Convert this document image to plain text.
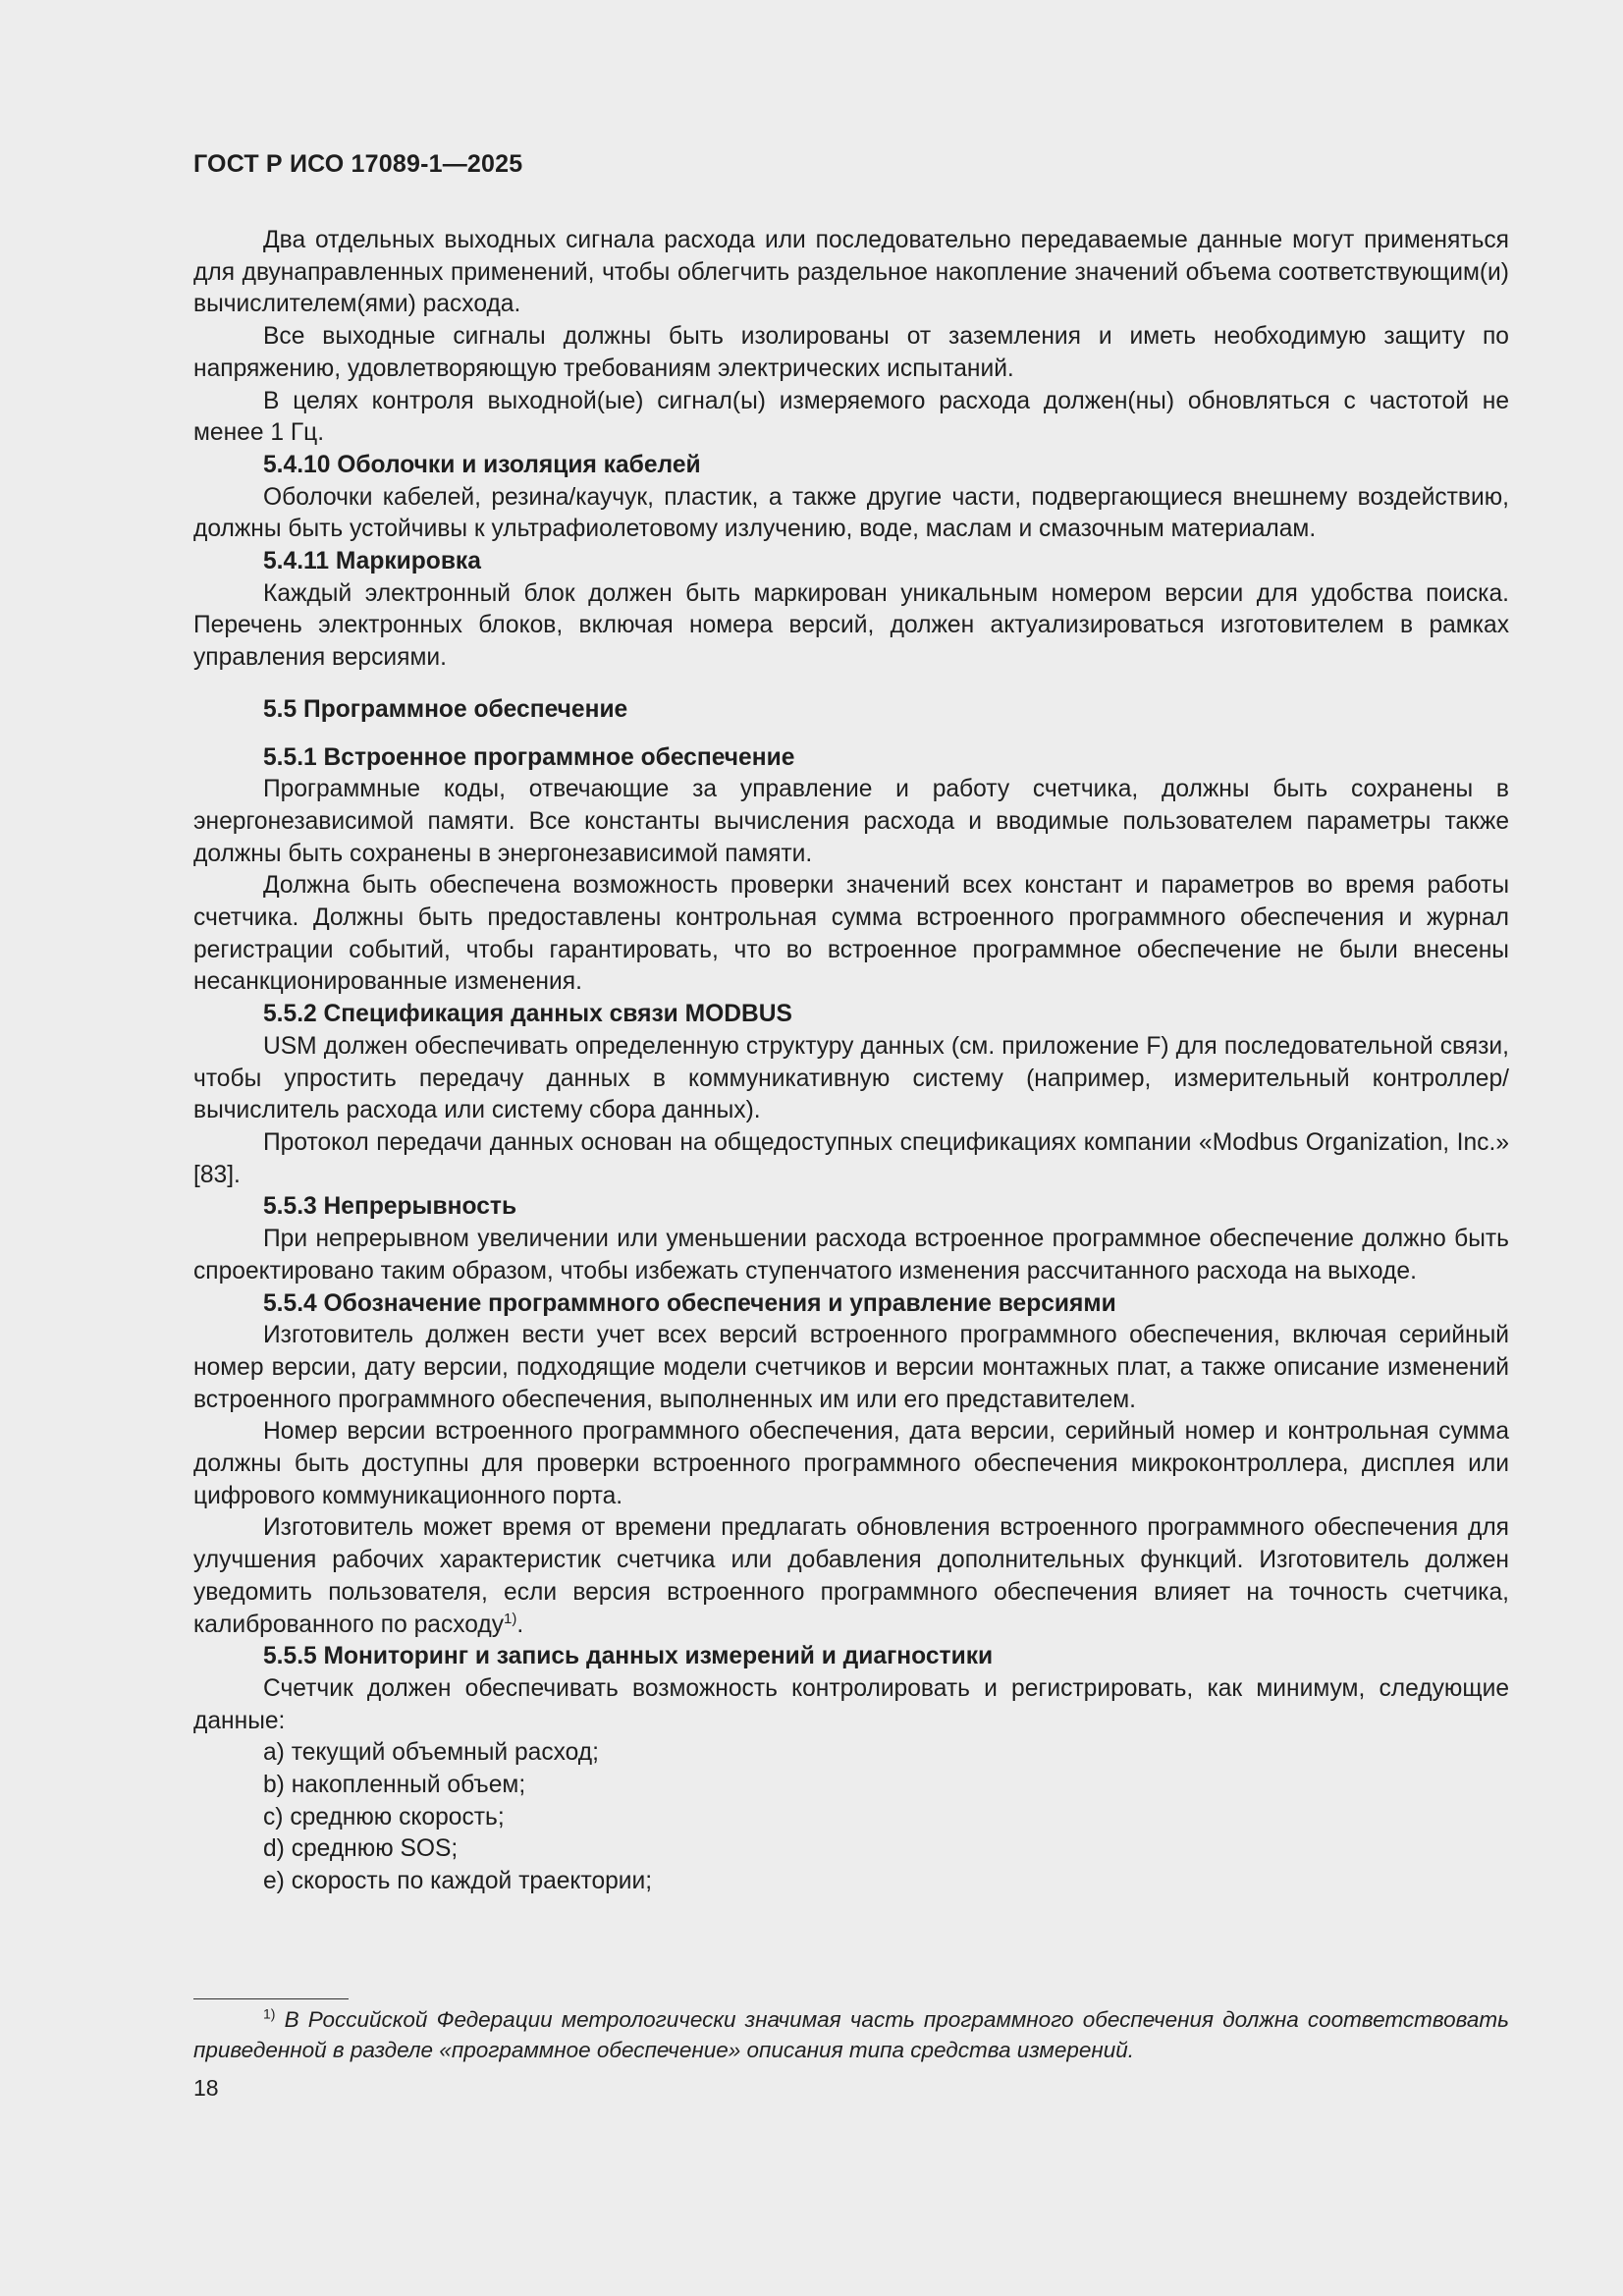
ГОСТ Р ИСО 17089-1—2025

Два отдельных выходных сигнала расхода или последовательно передаваемые данные могут применяться для двунаправленных применений, чтобы облегчить раздельное накопление значений объема соответствующим(и) вычислителем(ями) расхода.

Все выходные сигналы должны быть изолированы от заземления и иметь необходимую защиту по напряжению, удовлетворяющую требованиям электрических испытаний.

В целях контроля выходной(ые) сигнал(ы) измеряемого расхода должен(ны) обновляться с частотой не менее 1 Гц.

5.4.10 Оболочки и изоляция кабелей

Оболочки кабелей, резина/каучук, пластик, а также другие части, подвергающиеся внешнему воздействию, должны быть устойчивы к ультрафиолетовому излучению, воде, маслам и смазочным материалам.

5.4.11 Маркировка

Каждый электронный блок должен быть маркирован уникальным номером версии для удобства поиска. Перечень электронных блоков, включая номера версий, должен актуализироваться изготовителем в рамках управления версиями.

5.5 Программное обеспечение
5.5.1 Встроенное программное обеспечение

Программные коды, отвечающие за управление и работу счетчика, должны быть сохранены в энергонезависимой памяти. Все константы вычисления расхода и вводимые пользователем параметры также должны быть сохранены в энергонезависимой памяти.

Должна быть обеспечена возможность проверки значений всех констант и параметров во время работы счетчика. Должны быть предоставлены контрольная сумма встроенного программного обеспечения и журнал регистрации событий, чтобы гарантировать, что во встроенное программное обеспечение не были внесены несанкционированные изменения.

5.5.2 Спецификация данных связи MODBUS

USM должен обеспечивать определенную структуру данных (см. приложение F) для последовательной связи, чтобы упростить передачу данных в коммуникативную систему (например, измерительный контроллер/вычислитель расхода или систему сбора данных).

Протокол передачи данных основан на общедоступных спецификациях компании «Modbus Organization, Inc.» [83].

5.5.3 Непрерывность

При непрерывном увеличении или уменьшении расхода встроенное программное обеспечение должно быть спроектировано таким образом, чтобы избежать ступенчатого изменения рассчитанного расхода на выходе.

5.5.4 Обозначение программного обеспечения и управление версиями

Изготовитель должен вести учет всех версий встроенного программного обеспечения, включая серийный номер версии, дату версии, подходящие модели счетчиков и версии монтажных плат, а также описание изменений встроенного программного обеспечения, выполненных им или его представителем.

Номер версии встроенного программного обеспечения, дата версии, серийный номер и контрольная сумма должны быть доступны для проверки встроенного программного обеспечения микроконтроллера, дисплея или цифрового коммуникационного порта.

Изготовитель может время от времени предлагать обновления встроенного программного обеспечения для улучшения рабочих характеристик счетчика или добавления дополнительных функций. Изготовитель должен уведомить пользователя, если версия встроенного программного обеспечения влияет на точность счетчика, калиброванного по расходу$^{1)}$.

5.5.5 Мониторинг и запись данных измерений и диагностики

Счетчик должен обеспечивать возможность контролировать и регистрировать, как минимум, следующие данные:

a) текущий объемный расход;

b) накопленный объем;

c) среднюю скорость;

d) среднюю SOS;

e) скорость по каждой траектории;

$^{1)}$ В Российской Федерации метрологически значимая часть программного обеспечения должна соответствовать приведенной в разделе «программное обеспечение» описания типа средства измерений.
18
